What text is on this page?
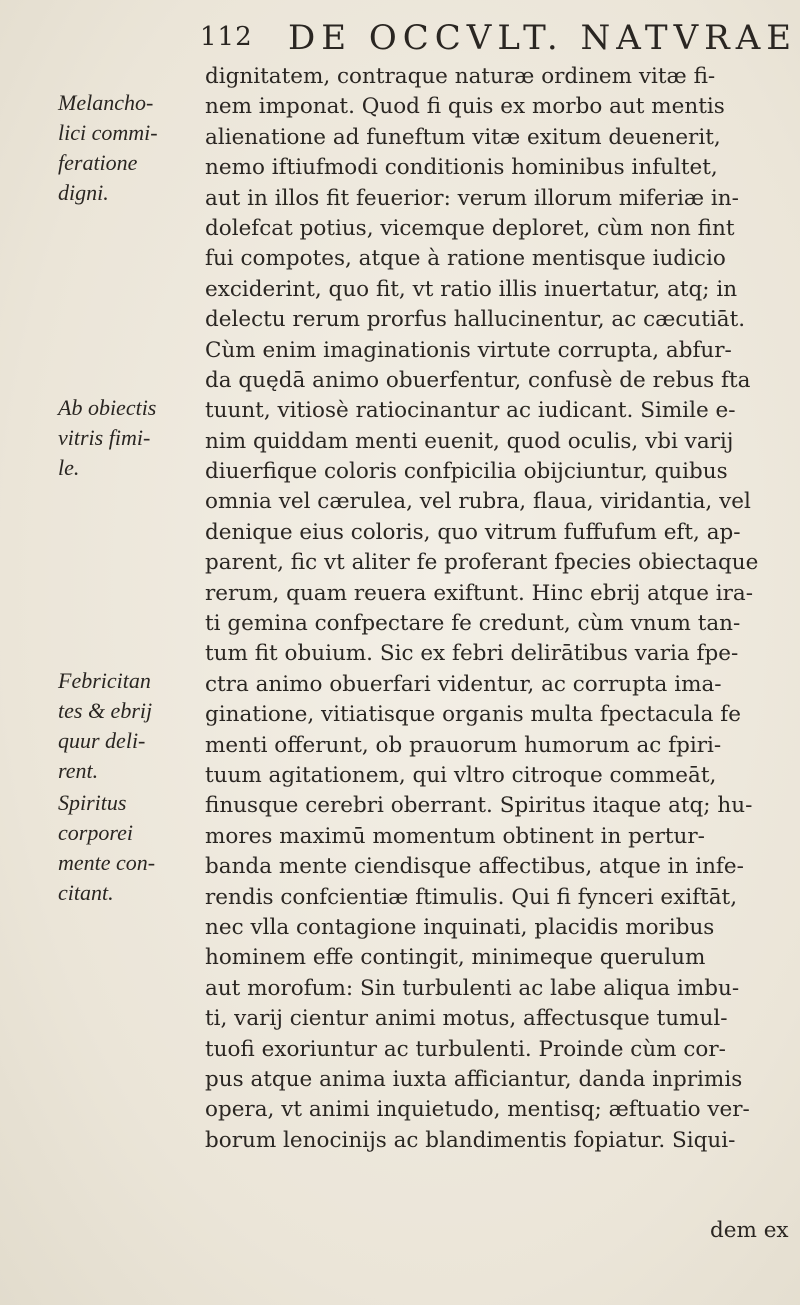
112 DE OCCVLT. NATVRAE
Melancho-
lici commi-
feratione
digni.
Ab obiectis
vitris fimi-
le.
Febricitan
tes & ebrij
quur deli-
rent.
Spiritus
corporei
mente con-
citant.
dignitatem, contraque naturæ ordinem vitæ fi-
nem imponat. Quod fi quis ex morbo aut mentis
alienatione ad funeftum vitæ exitum deuenerit,
nemo iftiufmodi conditionis hominibus infultet,
aut in illos fit feuerior: verum illorum miferiæ in-
dolefcat potius, vicemque deploret, cùm non fint
fui compotes, atque à ratione mentisque iudicio
exciderint, quo fit, vt ratio illis inuertatur, atq; in
delectu rerum prorfus hallucinentur, ac cæcutiāt.
Cùm enim imaginationis virtute corrupta, abfur-
da quędā animo obuerfentur, confusè de rebus fta
tuunt, vitiosè ratiocinantur ac iudicant. Simile e-
nim quiddam menti euenit, quod oculis, vbi varij
diuerfique coloris confpicilia obijciuntur, quibus
omnia vel cærulea, vel rubra, flaua, viridantia, vel
denique eius coloris, quo vitrum fuffufum eft, ap-
parent, fic vt aliter fe proferant fpecies obiectaque
rerum, quam reuera exiftunt. Hinc ebrij atque ira-
ti gemina confpectare fe credunt, cùm vnum tan-
tum fit obuium. Sic ex febri delirātibus varia fpe-
ctra animo obuerfari videntur, ac corrupta ima-
ginatione, vitiatisque organis multa fpectacula fe
menti offerunt, ob prauorum humorum ac fpiri-
tuum agitationem, qui vltro citroque commeāt,
finusque cerebri oberrant. Spiritus itaque atq; hu-
mores maximū momentum obtinent in pertur-
banda mente ciendisque affectibus, atque in infe-
rendis confcientiæ ftimulis. Qui fi fynceri exiftāt,
nec vlla contagione inquinati, placidis moribus
hominem effe contingit, minimeque querulum
aut morofum: Sin turbulenti ac labe aliqua imbu-
ti, varij cientur animi motus, affectusque tumul-
tuofi exoriuntur ac turbulenti. Proinde cùm cor-
pus atque anima iuxta afficiantur, danda inprimis
opera, vt animi inquietudo, mentisq; æftuatio ver-
borum lenocinijs ac blandimentis fopiatur. Siqui-
dem ex
